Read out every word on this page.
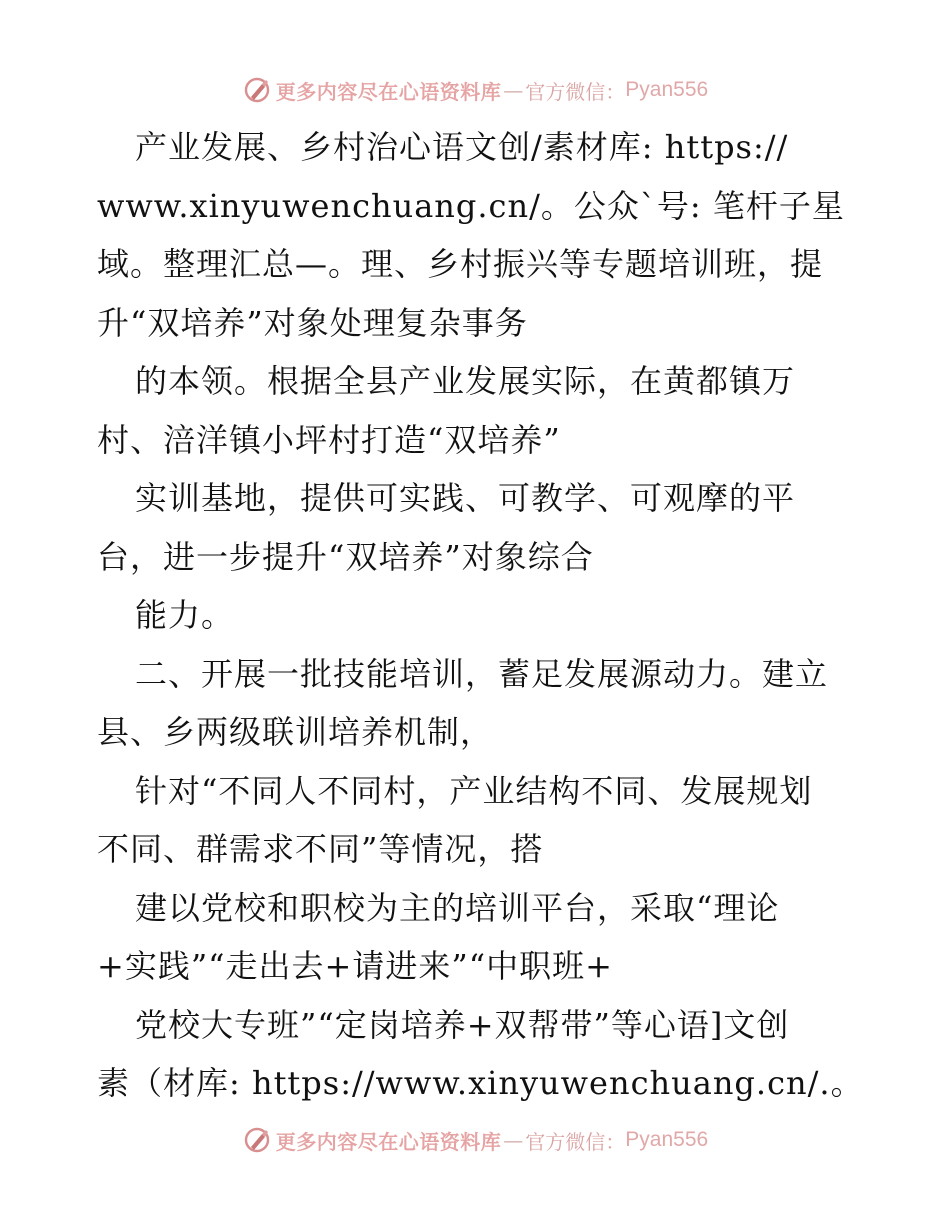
更多内容尽在心语资料库 — 官方微信： Pyan556
产业发展、乡村治心语文创/素材库: https://
www.xinyuwenchuang.cn/。公众`号: 笔杆子星
域。整理汇总—。理、乡村振兴等专题培训班，提
升“双培养”对象处理复杂事务
的本领。根据全县产业发展实际，在黄都镇万
村、涪洋镇小坪村打造“双培养”
实训基地，提供可实践、可教学、可观摩的平
台，进一步提升“双培养”对象综合
能力。
二、开展一批技能培训，蓄足发展源动力。建立
县、乡两级联训培养机制，
针对“不同人不同村，产业结构不同、发展规划
不同、群需求不同”等情况，搭
建以党校和职校为主的培训平台，采取“理论
+实践”“走出去+请进来”“中职班+
党校大专班”“定岗培养+双帮带”等心语]文创
素（材库: https://www.xinyuwenchuang.cn/.。
更多内容尽在心语资料库 — 官方微信： Pyan556
